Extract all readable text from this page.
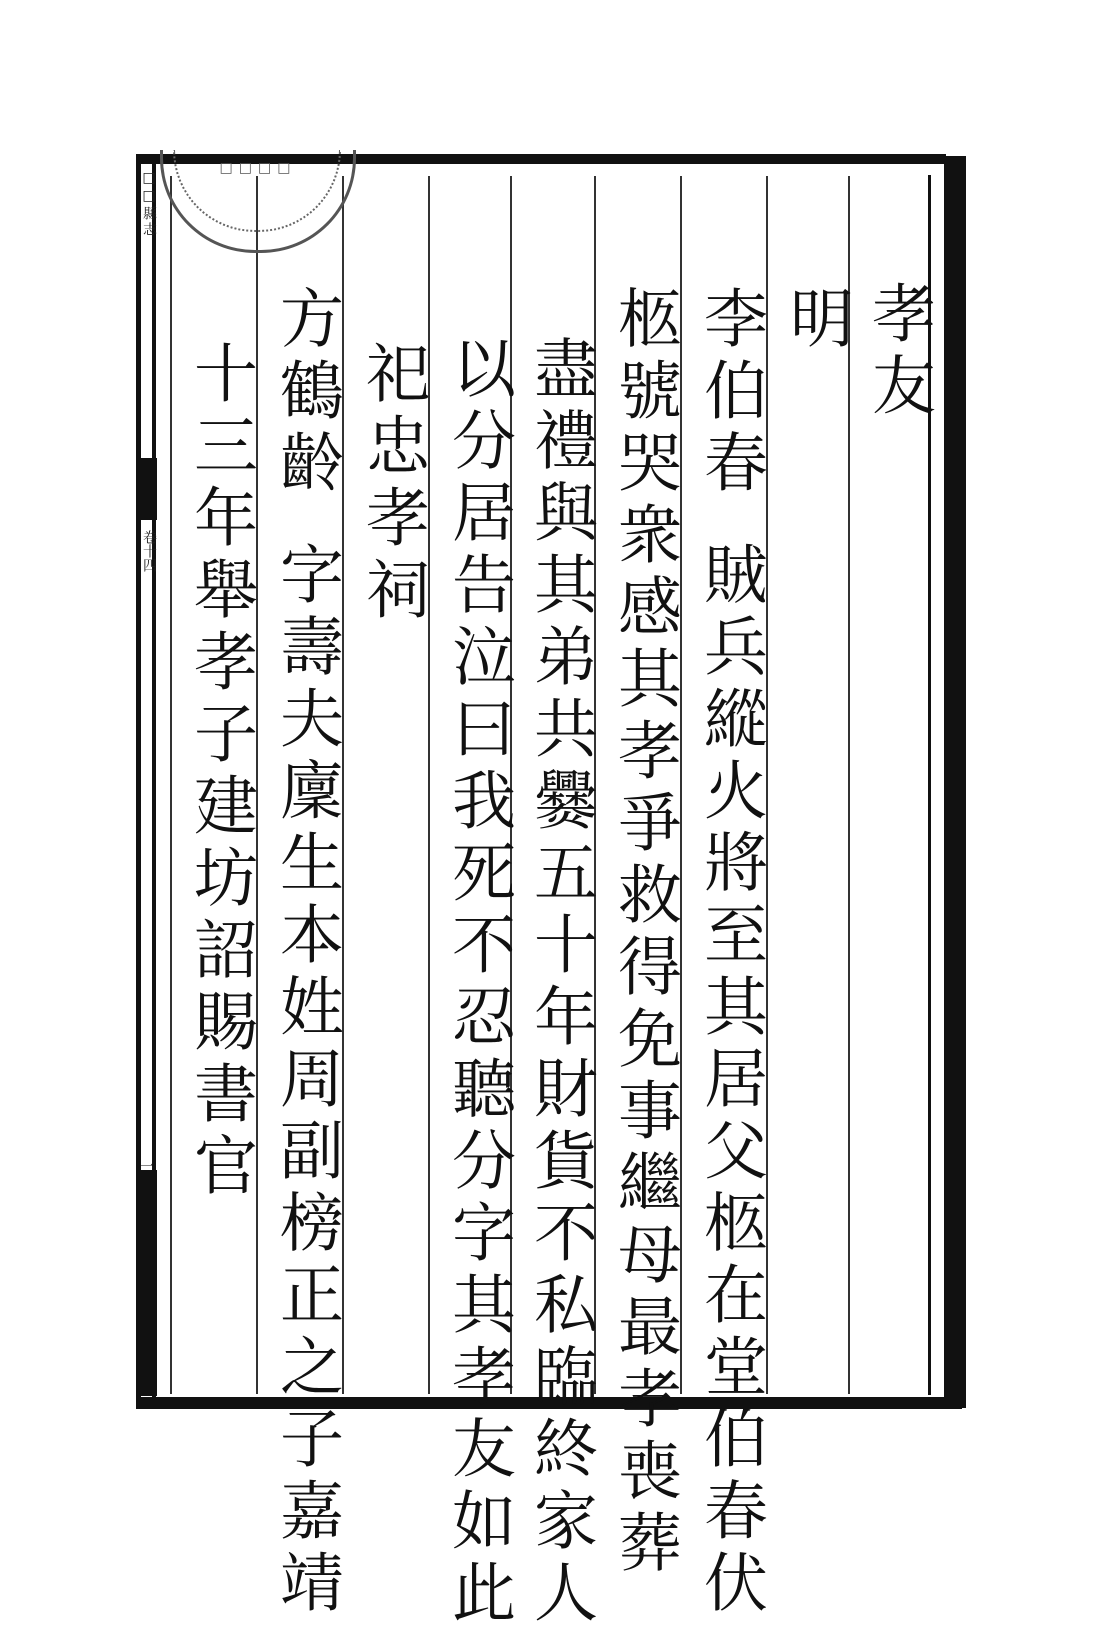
□□縣志
卷十四
一
□□□□
孝友
明
李伯春賊兵縱火將至其居父柩在堂伯春伏
柩號哭衆感其孝爭救得免事繼母最孝喪葬
盡禮與其弟共爨五十年財貨不私臨終家人
以分居告泣曰我死不忍聽分字其孝友如此
祀忠孝祠
方鶴齡字壽夫廩生本姓周副榜正之子嘉靖
十三年舉孝子建坊詔賜書官
